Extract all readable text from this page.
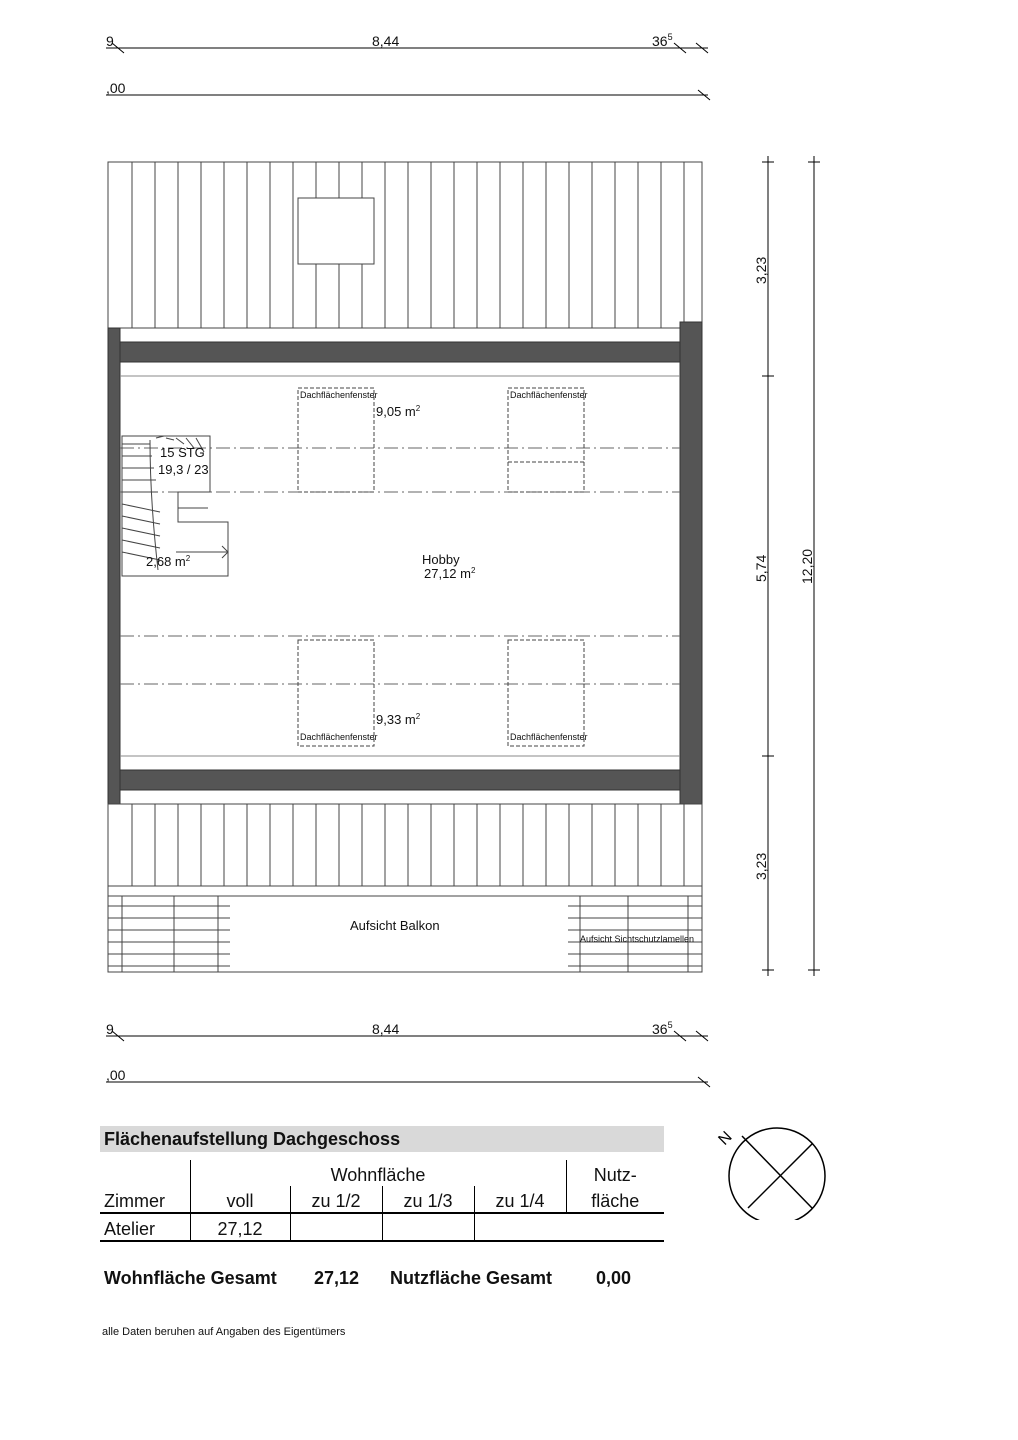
9	8,44	$36^5$
,00
Dachflächenfenster	Dachflächenfenster
Dachflächenfenster	Dachflächenfenster
9,05 $m^2$
9,33 $m^2$
15 STG
19,3 / 23
2,68 $m^2$	Hobby
27,12 $m^2$
Aufsicht Balkon
Aufsicht Sichtschutzlamellen
3,23
5,74
3,23
12,20
9	8,44	$36^5$
,00
Flächenaufstellung Dachgeschoss
	Wohnfläche				Nutz-
Zimmer	voll	zu 1/2	zu 1/3	zu 1/4	fläche
Atelier	27,12				
Wohnfläche Gesamt 27,12 Nutzfläche Gesamt 0,00
alle Daten beruhen auf Angaben des Eigentümers
N
